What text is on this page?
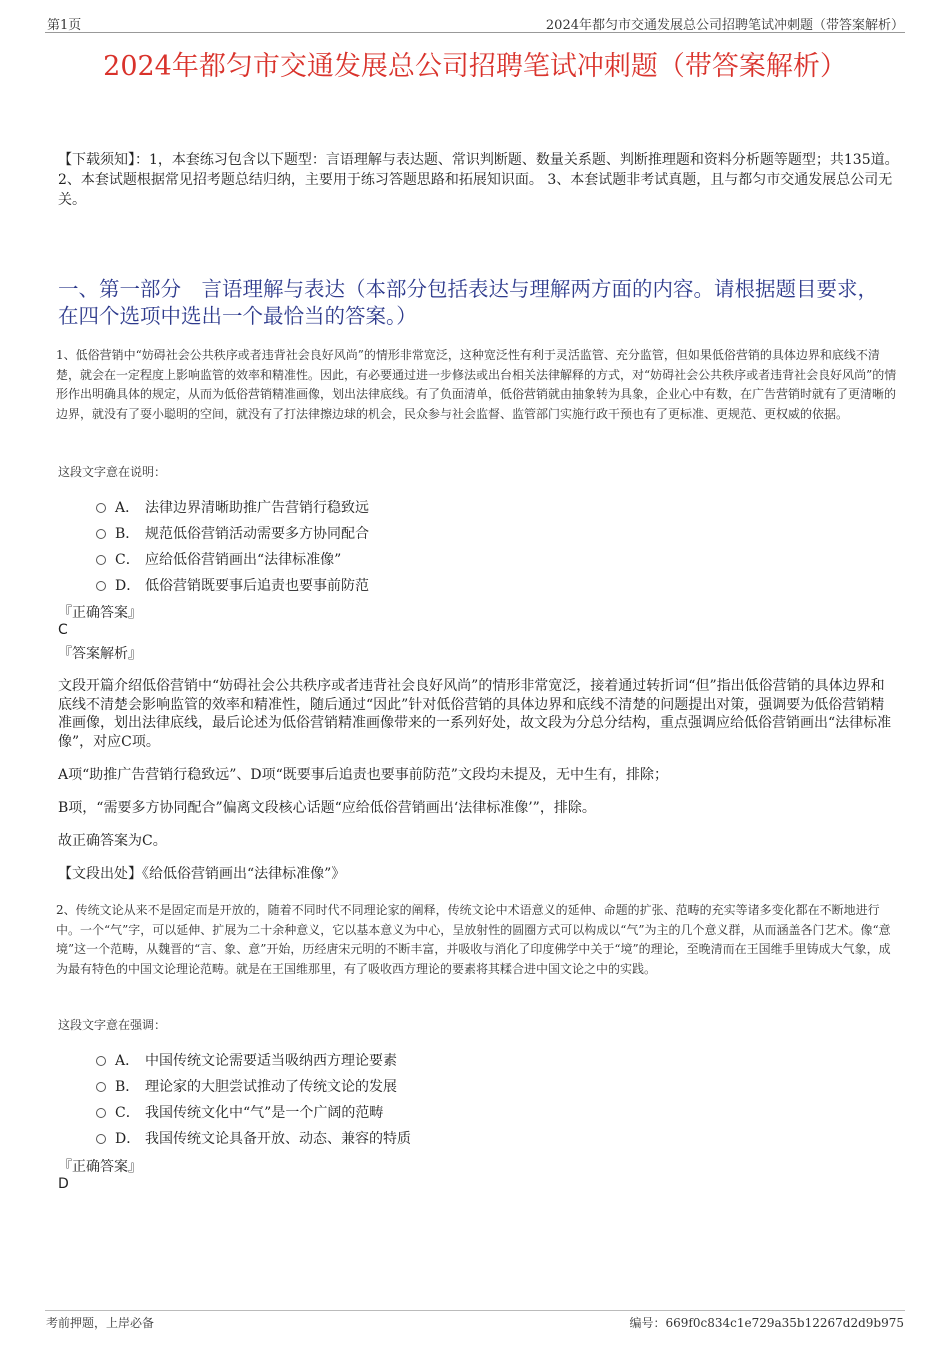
第1页	2024年都匀市交通发展总公司招聘笔试冲刺题（带答案解析）
2024年都匀市交通发展总公司招聘笔试冲刺题（带答案解析）
【下载须知】：1，本套练习包含以下题型：言语理解与表达题、常识判断题、数量关系题、判断推理题和资料分析题等题型；共135道。 2、本套试题根据常见招考题总结归纳，主要用于练习答题思路和拓展知识面。 3、本套试题非考试真题，且与都匀市交通发展总公司无关。
一、第一部分　言语理解与表达（本部分包括表达与理解两方面的内容。请根据题目要求，在四个选项中选出一个最恰当的答案。）
1、低俗营销中“妨碍社会公共秩序或者违背社会良好风尚”的情形非常宽泛，这种宽泛性有利于灵活监管、充分监管，但如果低俗营销的具体边界和底线不清楚，就会在一定程度上影响监管的效率和精准性。因此，有必要通过进一步修法或出台相关法律解释的方式，对“妨碍社会公共秩序或者违背社会良好风尚”的情形作出明确具体的规定，从而为低俗营销精准画像，划出法律底线。有了负面清单，低俗营销就由抽象转为具象，企业心中有数，在广告营销时就有了更清晰的边界，就没有了耍小聪明的空间，就没有了打法律擦边球的机会，民众参与社会监督、监管部门实施行政干预也有了更标准、更规范、更权威的依据。
这段文字意在说明：
A． 法律边界清晰助推广告营销行稳致远
B． 规范低俗营销活动需要多方协同配合
C． 应给低俗营销画出“法律标准像”
D． 低俗营销既要事后追责也要事前防范
『正确答案』
C
『答案解析』
文段开篇介绍低俗营销中“妨碍社会公共秩序或者违背社会良好风尚”的情形非常宽泛，接着通过转折词“但”指出低俗营销的具体边界和底线不清楚会影响监管的效率和精准性，随后通过“因此”针对低俗营销的具体边界和底线不清楚的问题提出对策，强调要为低俗营销精准画像，划出法律底线，最后论述为低俗营销精准画像带来的一系列好处，故文段为分总分结构，重点强调应给低俗营销画出“法律标准像”，对应C项。
A项“助推广告营销行稳致远”、D项“既要事后追责也要事前防范”文段均未提及，无中生有，排除；
B项，“需要多方协同配合”偏离文段核心话题“应给低俗营销画出‘法律标准像’”，排除。
故正确答案为C。
【文段出处】《给低俗营销画出“法律标准像”》
2、传统文论从来不是固定而是开放的，随着不同时代不同理论家的阐释，传统文论中术语意义的延伸、命题的扩张、范畴的充实等诸多变化都在不断地进行中。一个“气”字，可以延伸、扩展为二十余种意义，它以基本意义为中心，呈放射性的圆圈方式可以构成以“气”为主的几个意义群，从而涵盖各门艺术。像“意境”这一个范畴，从魏晋的“言、象、意”开始，历经唐宋元明的不断丰富，并吸收与消化了印度佛学中关于“境”的理论，至晚清而在王国维手里铸成大气象，成为最有特色的中国文论理论范畴。就是在王国维那里，有了吸收西方理论的要素将其糅合进中国文论之中的实践。
这段文字意在强调：
A． 中国传统文论需要适当吸纳西方理论要素
B． 理论家的大胆尝试推动了传统文论的发展
C． 我国传统文化中“气”是一个广阔的范畴
D． 我国传统文论具备开放、动态、兼容的特质
『正确答案』
D
考前押题，上岸必备	编号：669f0c834c1e729a35b12267d2d9b975
